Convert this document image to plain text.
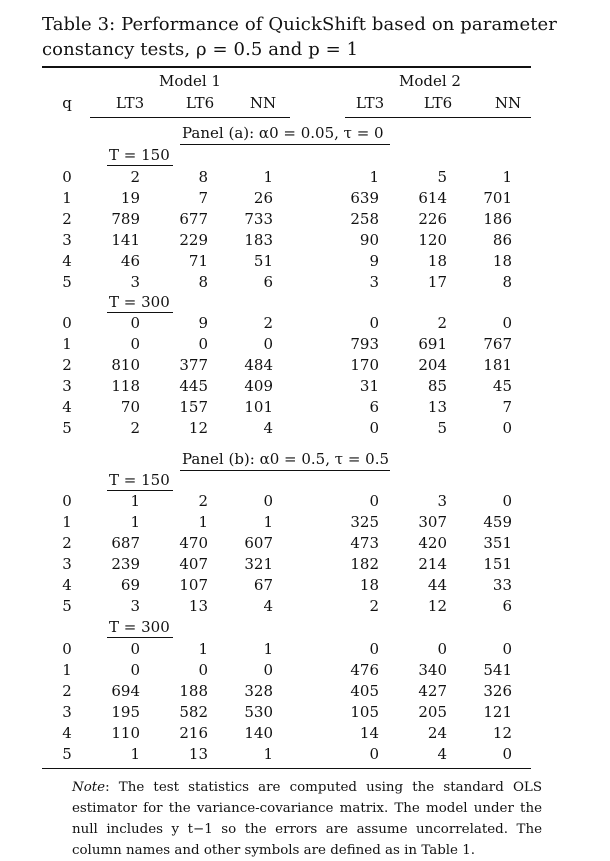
Table 3: Performance of QuickShift based on parameter constancy tests, ρ = 0.5 and p = 1
Model 1	Model 2
q	LT3	LT6	NN	LT3	LT6	NN
Panel (a): α0 = 0.05, τ = 0
T = 150
0	2	8	1	1	5	1
1	19	7	26	639	614	701
2	789	677	733	258	226	186
3	141	229	183	90	120	86
4	46	71	51	9	18	18
5	3	8	6	3	17	8
T = 300
0	0	9	2	0	2	0
1	0	0	0	793	691	767
2	810	377	484	170	204	181
3	118	445	409	31	85	45
4	70	157	101	6	13	7
5	2	12	4	0	5	0
Panel (b): α0 = 0.5, τ = 0.5
T = 150
0	1	2	0	0	3	0
1	1	1	1	325	307	459
2	687	470	607	473	420	351
3	239	407	321	182	214	151
4	69	107	67	18	44	33
5	3	13	4	2	12	6
T = 300
0	0	1	1	0	0	0
1	0	0	0	476	340	541
2	694	188	328	405	427	326
3	195	582	530	105	205	121
4	110	216	140	14	24	12
5	1	13	1	0	4	0
Note: The test statistics are computed using the standard OLS estimator for the variance-covariance matrix. The model under the null includes y t−1 so the errors are assume uncorrelated. The column names and other symbols are defined as in Table 1.
